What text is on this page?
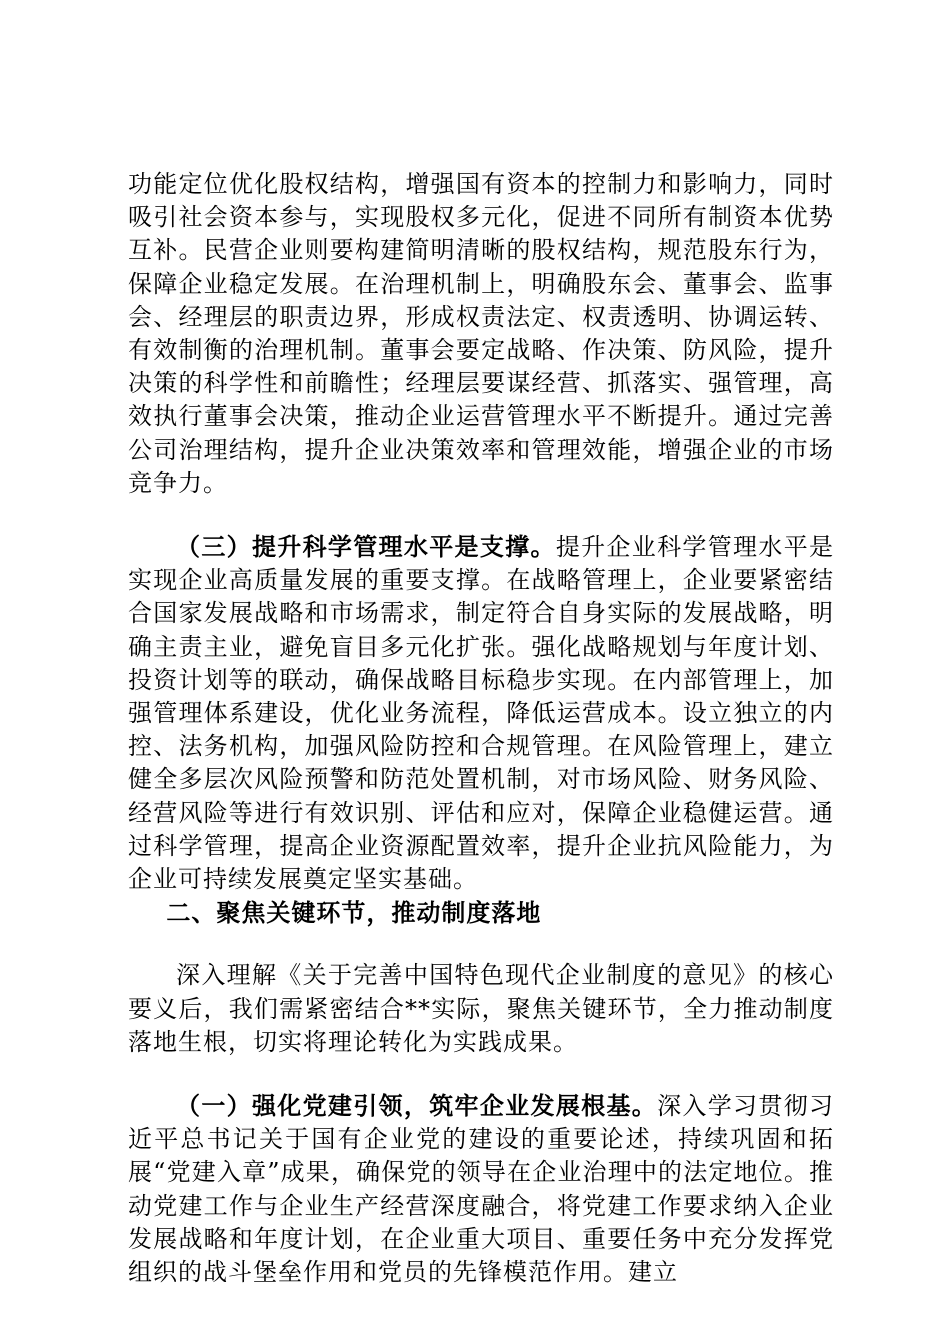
功能定位优化股权结构，增强国有资本的控制力和影响力，同时吸引社会资本参与，实现股权多元化，促进不同所有制资本优势互补。民营企业则要构建简明清晰的股权结构，规范股东行为，保障企业稳定发展。在治理机制上，明确股东会、董事会、监事会、经理层的职责边界，形成权责法定、权责透明、协调运转、有效制衡的治理机制。董事会要定战略、作决策、防风险，提升决策的科学性和前瞻性；经理层要谋经营、抓落实、强管理，高效执行董事会决策，推动企业运营管理水平不断提升。通过完善公司治理结构，提升企业决策效率和管理效能，增强企业的市场竞争力。

（三）提升科学管理水平是支撑。提升企业科学管理水平是实现企业高质量发展的重要支撑。在战略管理上，企业要紧密结合国家发展战略和市场需求，制定符合自身实际的发展战略，明确主责主业，避免盲目多元化扩张。强化战略规划与年度计划、投资计划等的联动，确保战略目标稳步实现。在内部管理上，加强管理体系建设，优化业务流程，降低运营成本。设立独立的内控、法务机构，加强风险防控和合规管理。在风险管理上，建立健全多层次风险预警和防范处置机制，对市场风险、财务风险、经营风险等进行有效识别、评估和应对，保障企业稳健运营。通过科学管理，提高企业资源配置效率，提升企业抗风险能力，为企业可持续发展奠定坚实基础。

二、聚焦关键环节，推动制度落地

深入理解《关于完善中国特色现代企业制度的意见》的核心要义后，我们需紧密结合**实际，聚焦关键环节，全力推动制度落地生根，切实将理论转化为实践成果。

（一）强化党建引领，筑牢企业发展根基。深入学习贯彻习近平总书记关于国有企业党的建设的重要论述，持续巩固和拓展“党建入章”成果，确保党的领导在企业治理中的法定地位。推动党建工作与企业生产经营深度融合，将党建工作要求纳入企业发展战略和年度计划，在企业重大项目、重要任务中充分发挥党组织的战斗堡垒作用和党员的先锋模范作用。建立
